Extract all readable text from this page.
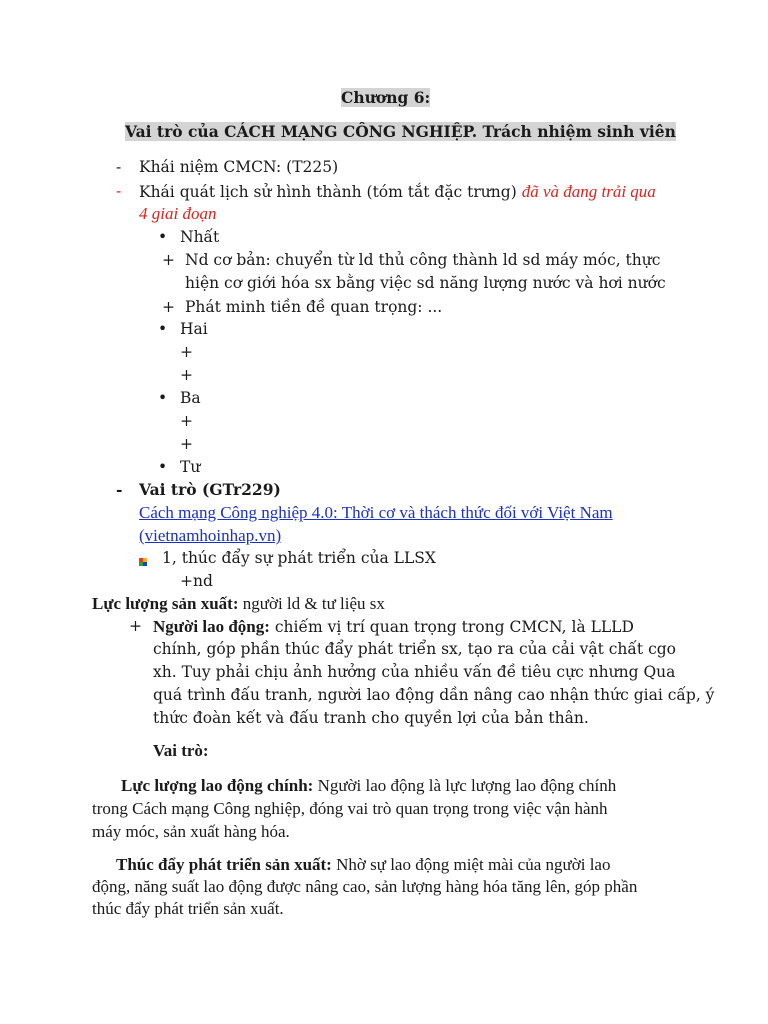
Chương 6:
Vai trò của CÁCH MẠNG CÔNG NGHIỆP. Trách nhiệm sinh viên
- Khái niệm CMCN: (T225)
- Khái quát lịch sử hình thành (tóm tắt đặc trưng) đã và đang trải qua
4 giai đoạn
• Nhất
+ Nd cơ bản: chuyển từ ld thủ công thành ld sd máy móc, thực
hiện cơ giới hóa sx bằng việc sd năng lượng nước và hơi nước
+ Phát minh tiền đề quan trọng: ...
• Hai
+
+
• Ba
+
+
• Tư
- Vai trò (GTr229)
Cách mạng Công nghiệp 4.0: Thời cơ và thách thức đối với Việt Nam
(vietnamhoinhap.vn)
1, thúc đẩy sự phát triển của LLSX
+nd
Lực lượng sản xuất: người ld & tư liệu sx
+ Người lao động: chiếm vị trí quan trọng trong CMCN, là LLLD
chính, góp phần thúc đẩy phát triển sx, tạo ra của cải vật chất cgo
xh. Tuy phải chịu ảnh hưởng của nhiều vấn đề tiêu cực nhưng Qua
quá trình đấu tranh, người lao động dần nâng cao nhận thức giai cấp, ý
thức đoàn kết và đấu tranh cho quyền lợi của bản thân.
Vai trò:
Lực lượng lao động chính: Người lao động là lực lượng lao động chính
trong Cách mạng Công nghiệp, đóng vai trò quan trọng trong việc vận hành
máy móc, sản xuất hàng hóa.
Thúc đẩy phát triển sản xuất: Nhờ sự lao động miệt mài của người lao
động, năng suất lao động được nâng cao, sản lượng hàng hóa tăng lên, góp phần
thúc đẩy phát triển sản xuất.
